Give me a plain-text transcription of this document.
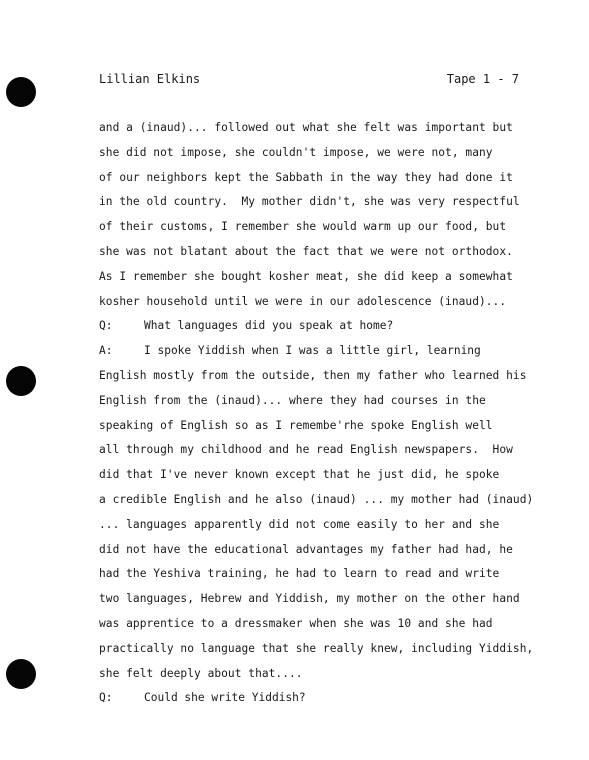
Lillian Elkins	Tape 1 - 7
and a (inaud)... followed out what she felt was important but
she did not impose, she couldn't impose, we were not, many
of our neighbors kept the Sabbath in the way they had done it
in the old country.  My mother didn't, she was very respectful
of their customs, I remember she would warm up our food, but
she was not blatant about the fact that we were not orthodox.
As I remember she bought kosher meat, she did keep a somewhat
kosher household until we were in our adolescence (inaud)...

Q:

	What languages did you speak at home?

A:

	I spoke Yiddish when I was a little girl, learning

English mostly from the outside, then my father who learned his
English from the (inaud)... where they had courses in the
speaking of English so as I remembe'rhe spoke English well
all through my childhood and he read English newspapers.  How
did that I've never known except that he just did, he spoke
a credible English and he also (inaud) ... my mother had (inaud)
... languages apparently did not come easily to her and she
did not have the educational advantages my father had had, he
had the Yeshiva training, he had to learn to read and write
two languages, Hebrew and Yiddish, my mother on the other hand
was apprentice to a dressmaker when she was 10 and she had
practically no language that she really knew, including Yiddish,
she felt deeply about that....

Q:

	Could she write Yiddish?
